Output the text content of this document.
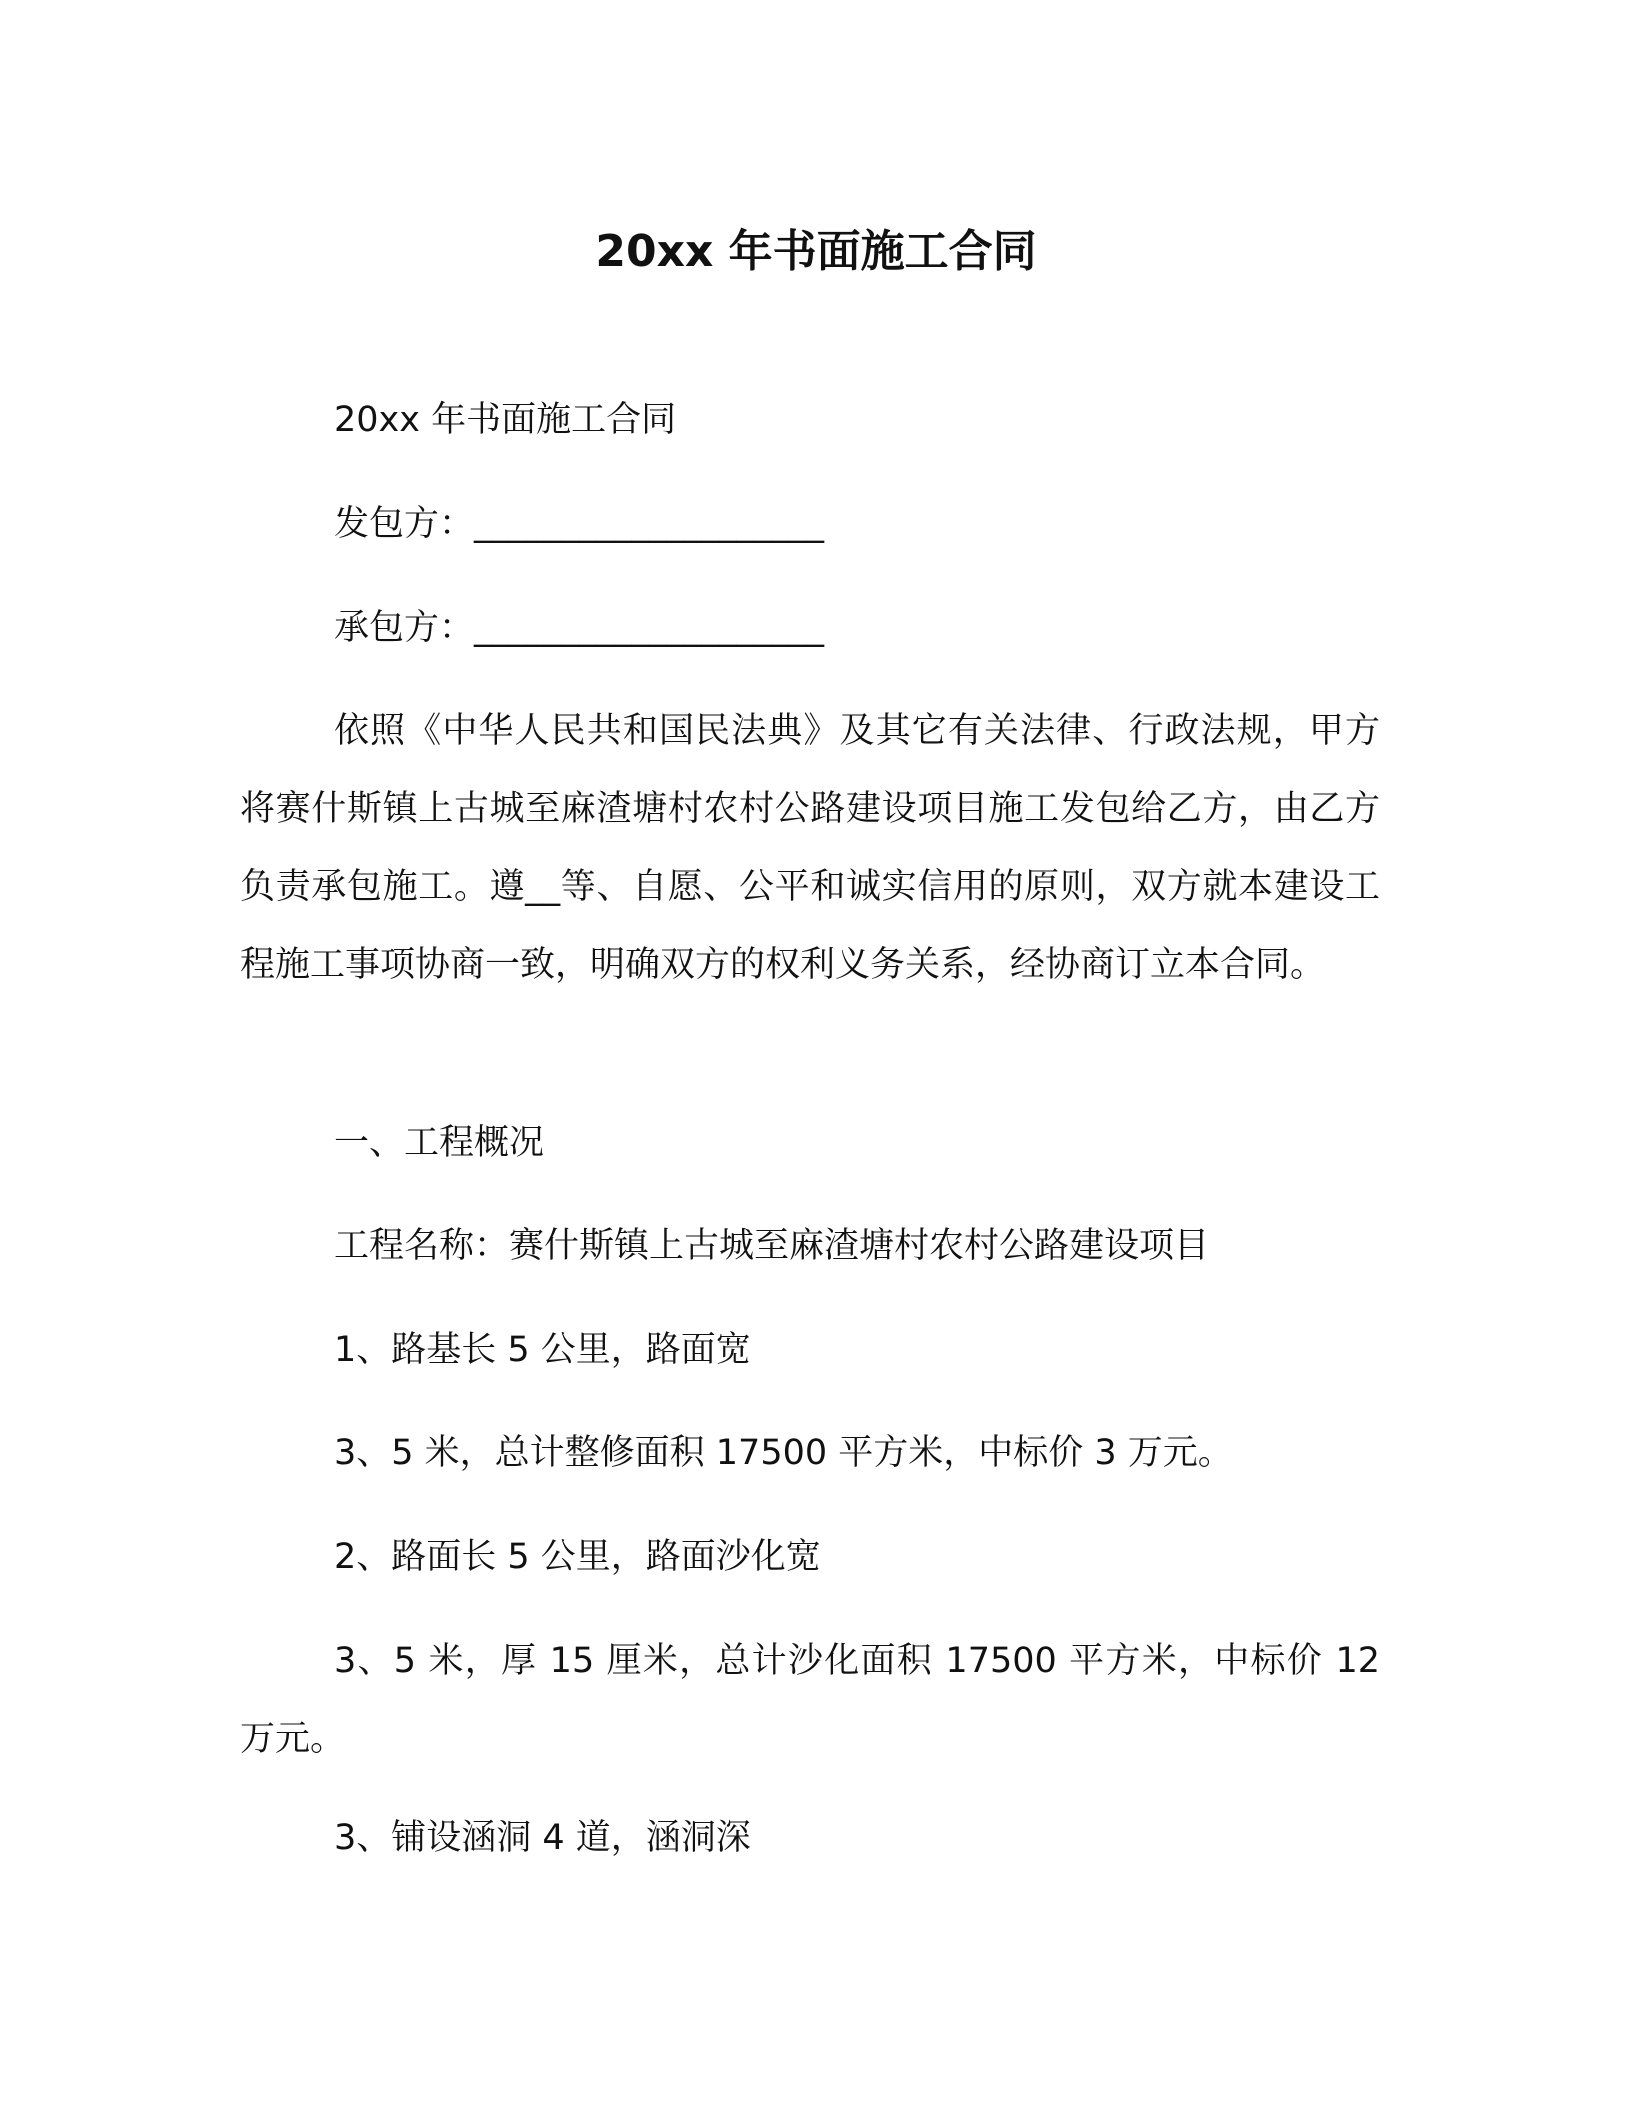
20xx 年书面施工合同

20xx 年书面施工合同

发包方：____________________

承包方：____________________

依照《中华人民共和国民法典》及其它有关法律、行政法规，甲方将赛什斯镇上古城至麻渣塘村农村公路建设项目施工发包给乙方，由乙方负责承包施工。遵__等、自愿、公平和诚实信用的原则，双方就本建设工程施工事项协商一致，明确双方的权利义务关系，经协商订立本合同。

一、工程概况

工程名称：赛什斯镇上古城至麻渣塘村农村公路建设项目

1、路基长 5 公里，路面宽

3、5 米，总计整修面积 17500 平方米，中标价 3 万元。

2、路面长 5 公里，路面沙化宽

3、5 米，厚 15 厘米，总计沙化面积 17500 平方米，中标价 12 万元。

3、铺设涵洞 4 道，涵洞深
